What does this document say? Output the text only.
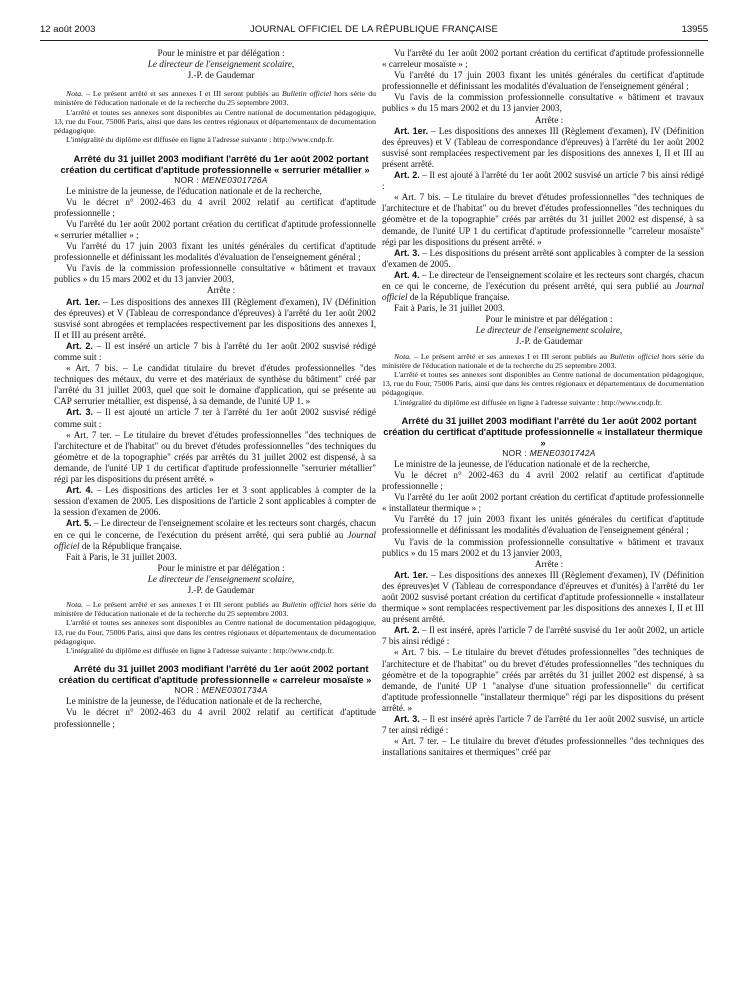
12 août 2003	JOURNAL OFFICIEL DE LA RÉPUBLIQUE FRANÇAISE	13955

Pour le ministre et par délégation :

Le directeur de l'enseignement scolaire,

J.-P. de Gaudemar

Nota. – Le présent arrêté et ses annexes I et III seront publiés au Bulletin officiel hors série du ministère de l'éducation nationale et de la recherche du 25 septembre 2003.

L'arrêté et toutes ses annexes sont disponibles au Centre national de documentation pédagogique, 13, rue du Four, 75006 Paris, ainsi que dans les centres régionaux et départementaux de documentation pédagogique.

L'intégralité du diplôme est diffusée en ligne à l'adresse suivante : http://www.cndp.fr.

Arrêté du 31 juillet 2003 modifiant l'arrêté du 1er août 2002 portant création du certificat d'aptitude professionnelle « serrurier métallier »

NOR : MENE0301726A

Le ministre de la jeunesse, de l'éducation nationale et de la recherche,

Vu le décret n° 2002-463 du 4 avril 2002 relatif au certificat d'aptitude professionnelle ;

Vu l'arrêté du 1er août 2002 portant création du certificat d'aptitude professionnelle « serrurier métallier » ;

Vu l'arrêté du 17 juin 2003 fixant les unités générales du certificat d'aptitude professionnelle et définissant les modalités d'évaluation de l'enseignement général ;

Vu l'avis de la commission professionnelle consultative « bâtiment et travaux publics » du 15 mars 2002 et du 13 janvier 2003,

Arrête :

Art. 1er. – Les dispositions des annexes III (Règlement d'examen), IV (Définition des épreuves) et V (Tableau de correspondance d'épreuves) à l'arrêté du 1er août 2002 susvisé sont abrogées et remplacées respectivement par les dispositions des annexes I, II et III au présent arrêté.

Art. 2. – Il est inséré un article 7 bis à l'arrêté du 1er août 2002 susvisé rédigé comme suit :

« Art. 7 bis. – Le candidat titulaire du brevet d'études professionnelles "des techniques des métaux, du verre et des matériaux de synthèse du bâtiment" créé par l'arrêté du 31 juillet 2003, quel que soit le domaine d'application, qui se présente au CAP serrurier métallier, est dispensé, à sa demande, de l'unité UP 1. »

Art. 3. – Il est ajouté un article 7 ter à l'arrêté du 1er août 2002 susvisé rédigé comme suit :

« Art. 7 ter. – Le titulaire du brevet d'études professionnelles "des techniques de l'architecture et de l'habitat" ou du brevet d'études professionnelles "des techniques du géomètre et de la topographie" créés par arrêtés du 31 juillet 2002 est dispensé, à sa demande, de l'unité UP 1 du certificat d'aptitude professionnelle "serrurier métallier" régi par les dispositions du présent arrêté. »

Art. 4. – Les dispositions des articles 1er et 3 sont applicables à compter de la session d'examen de 2005. Les dispositions de l'article 2 sont applicables à compter de la session d'examen de 2006.

Art. 5. – Le directeur de l'enseignement scolaire et les recteurs sont chargés, chacun en ce qui le concerne, de l'exécution du présent arrêté, qui sera publié au Journal officiel de la République française.

Fait à Paris, le 31 juillet 2003.

Pour le ministre et par délégation :

Le directeur de l'enseignement scolaire,

J.-P. de Gaudemar

Nota. – Le présent arrêté et ses annexes I et III seront publiés au Bulletin officiel hors série du ministère de l'éducation nationale et de la recherche du 25 septembre 2003.

L'arrêté et toutes ses annexes sont disponibles au Centre national de documentation pédagogique, 13, rue du Four, 75006 Paris, ainsi que dans les centres régionaux et départementaux de documentation pédagogique.

L'intégralité du diplôme est diffusée en ligne à l'adresse suivante : http://www.cndp.fr.

Arrêté du 31 juillet 2003 modifiant l'arrêté du 1er août 2002 portant création du certificat d'aptitude professionnelle « carreleur mosaïste »

NOR : MENE0301734A

Le ministre de la jeunesse, de l'éducation nationale et de la recherche,

Vu le décret n° 2002-463 du 4 avril 2002 relatif au certificat d'aptitude professionnelle ;

Vu l'arrêté du 1er août 2002 portant création du certificat d'aptitude professionnelle « carreleur mosaïste » ;

Vu l'arrêté du 17 juin 2003 fixant les unités générales du certificat d'aptitude professionnelle et définissant les modalités d'évaluation de l'enseignement général ;

Vu l'avis de la commission professionnelle consultative « bâtiment et travaux publics » du 15 mars 2002 et du 13 janvier 2003,

Arrête :

Art. 1er. – Les dispositions des annexes III (Règlement d'examen), IV (Définition des épreuves) et V (Tableau de correspondance d'épreuves) à l'arrêté du 1er août 2002 susvisé sont remplacées respectivement par les dispositions des annexes I, II et III au présent arrêté.

Art. 2. – Il est ajouté à l'arrêté du 1er août 2002 susvisé un article 7 bis ainsi rédigé :

« Art. 7 bis. – Le titulaire du brevet d'études professionnelles "des techniques de l'architecture et de l'habitat" ou du brevet d'études professionnelles "des techniques du géomètre et de la topographie" créés par arrêtés du 31 juillet 2002 est dispensé, à sa demande, de l'unité UP 1 du certificat d'aptitude professionnelle "carreleur mosaïste" régi par les dispositions du présent arrêté. »

Art. 3. – Les dispositions du présent arrêté sont applicables à compter de la session d'examen de 2005.

Art. 4. – Le directeur de l'enseignement scolaire et les recteurs sont chargés, chacun en ce qui le concerne, de l'exécution du présent arrêté, qui sera publié au Journal officiel de la République française.

Fait à Paris, le 31 juillet 2003.

Pour le ministre et par délégation :

Le directeur de l'enseignement scolaire,

J.-P. de Gaudemar

Nota. – Le présent arrêté et ses annexes I et III seront publiés au Bulletin officiel hors série du ministère de l'éducation nationale et de la recherche du 25 septembre 2003.

L'arrêté et toutes ses annexes sont disponibles au Centre national de documentation pédagogique, 13, rue du Four, 75006 Paris, ainsi que dans les centres régionaux et départementaux de documentation pédagogique.

L'intégralité du diplôme est diffusée en ligne à l'adresse suivante : http://www.cndp.fr.

Arrêté du 31 juillet 2003 modifiant l'arrêté du 1er août 2002 portant création du certificat d'aptitude professionnelle « installateur thermique »

NOR : MENE0301742A

Le ministre de la jeunesse, de l'éducation nationale et de la recherche,

Vu le décret n° 2002-463 du 4 avril 2002 relatif au certificat d'aptitude professionnelle ;

Vu l'arrêté du 1er août 2002 portant création du certificat d'aptitude professionnelle « installateur thermique » ;

Vu l'arrêté du 17 juin 2003 fixant les unités générales du certificat d'aptitude professionnelle et définissant les modalités d'évaluation de l'enseignement général ;

Vu l'avis de la commission professionnelle consultative « bâtiment et travaux publics » du 15 mars 2002 et du 13 janvier 2003,

Arrête :

Art. 1er. – Les dispositions des annexes III (Règlement d'examen), IV (Définition des épreuves)et V (Tableau de correspondance d'épreuves et d'unités) à l'arrêté du 1er août 2002 susvisé portant création du certificat d'aptitude professionnelle « installateur thermique » sont remplacées respectivement par les dispositions des annexes I, II et III au présent arrêté.

Art. 2. – Il est inséré, après l'article 7 de l'arrêté susvisé du 1er août 2002, un article 7 bis ainsi rédigé :

« Art. 7 bis. – Le titulaire du brevet d'études professionnelles "des techniques de l'architecture et de l'habitat" ou du brevet d'études professionnelles "des techniques du géomètre et de la topographie" créés par arrêtés du 31 juillet 2002 est dispensé, à sa demande, de l'unité UP 1 "analyse d'une situation professionnelle" du certificat d'aptitude professionnelle "installateur thermique" régi par les dispositions du présent arrêté. »

Art. 3. – Il est inséré après l'article 7 de l'arrêté du 1er août 2002 susvisé, un article 7 ter ainsi rédigé :

« Art. 7 ter. – Le titulaire du brevet d'études professionnelles "des techniques des installations sanitaires et thermiques" créé par
